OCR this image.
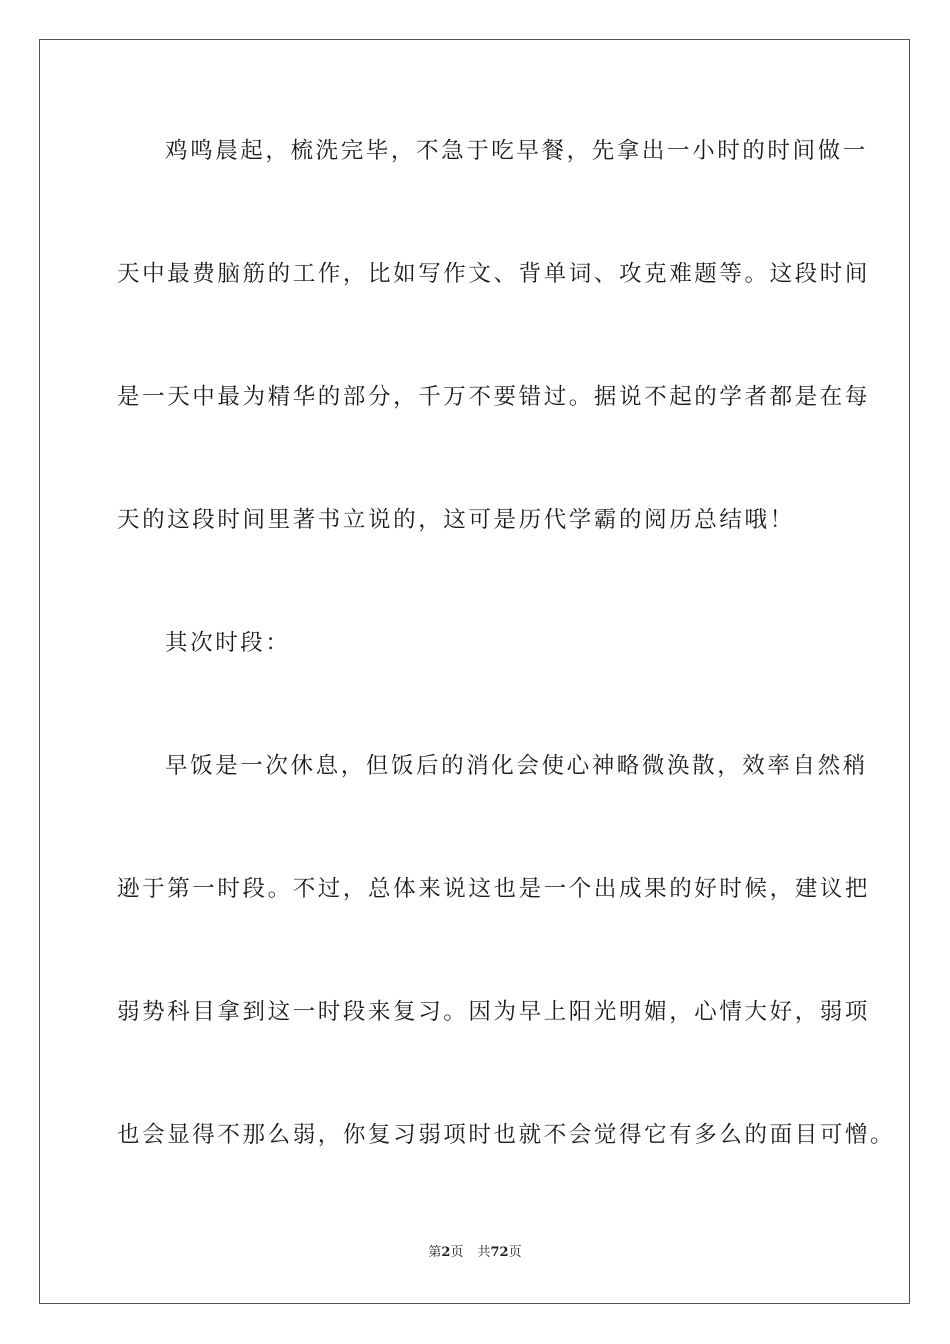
鸡鸣晨起，梳洗完毕，不急于吃早餐，先拿出一小时的时间做一
天中最费脑筋的工作，比如写作文、背单词、攻克难题等。这段时间
是一天中最为精华的部分，千万不要错过。据说不起的学者都是在每
天的这段时间里著书立说的，这可是历代学霸的阅历总结哦！
其次时段：
早饭是一次休息，但饭后的消化会使心神略微涣散，效率自然稍
逊于第一时段。不过，总体来说这也是一个出成果的好时候，建议把
弱势科目拿到这一时段来复习。因为早上阳光明媚，心情大好，弱项
也会显得不那么弱，你复习弱项时也就不会觉得它有多么的面目可憎。
第2页 共72页
